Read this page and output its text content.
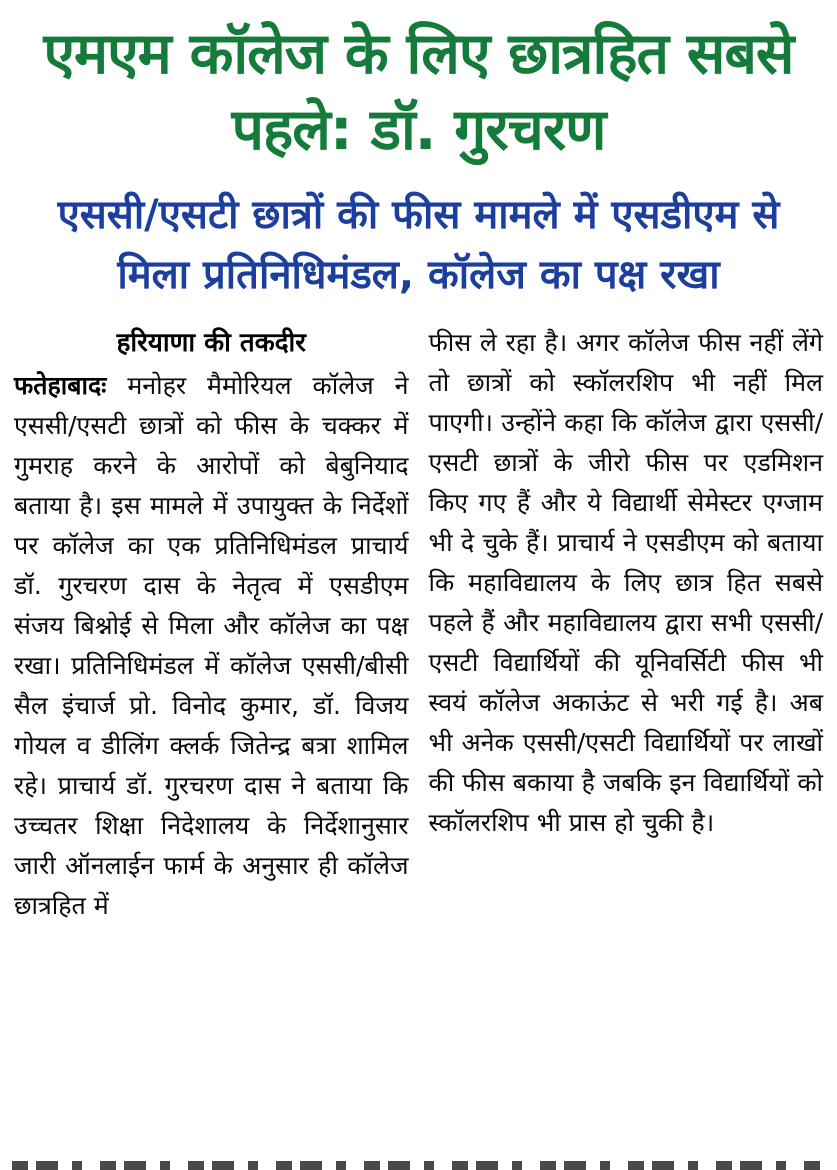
एमएम कॉलेज के लिए छात्रहित सबसे पहले: डॉ. गुरचरण
एससी/एसटी छात्रों की फीस मामले में एसडीएम से मिला प्रतिनिधिमंडल, कॉलेज का पक्ष रखा
हरियाणा की तकदीर

फतेहाबादः मनोहर मैमोरियल कॉलेज ने एससी/एसटी छात्रों को फीस के चक्कर में गुमराह करने के आरोपों को बेबुनियाद बताया है। इस मामले में उपायुक्त के निर्देशों पर कॉलेज का एक प्रतिनिधिमंडल प्राचार्य डॉ. गुरचरण दास के नेतृत्व में एसडीएम संजय बिश्नोई से मिला और कॉलेज का पक्ष रखा। प्रतिनिधिमंडल में कॉलेज एससी/बीसी सैल इंचार्ज प्रो. विनोद कुमार, डॉ. विजय गोयल व डीलिंग क्लर्क जितेन्द्र बत्रा शामिल रहे। प्राचार्य डॉ. गुरचरण दास ने बताया कि उच्चतर शिक्षा निदेशालय के निर्देशानुसार जारी ऑनलाईन फार्म के अनुसार ही कॉलेज छात्रहित में

फीस ले रहा है। अगर कॉलेज फीस नहीं लेंगे तो छात्रों को स्कॉलरशिप भी नहीं मिल पाएगी। उन्होंने कहा कि कॉलेज द्वारा एससी/एसटी छात्रों के जीरो फीस पर एडमिशन किए गए हैं और ये विद्यार्थी सेमेस्टर एग्जाम भी दे चुके हैं। प्राचार्य ने एसडीएम को बताया कि महाविद्यालय के लिए छात्र हित सबसे पहले हैं और महाविद्यालय द्वारा सभी एससी/एसटी विद्यार्थियों की यूनिवर्सिटी फीस भी स्वयं कॉलेज अकाऊंट से भरी गई है। अब भी अनेक एससी/एसटी विद्यार्थियों पर लाखों की फीस बकाया है जबकि इन विद्यार्थियों को स्कॉलरशिप भी प्रास हो चुकी है।
